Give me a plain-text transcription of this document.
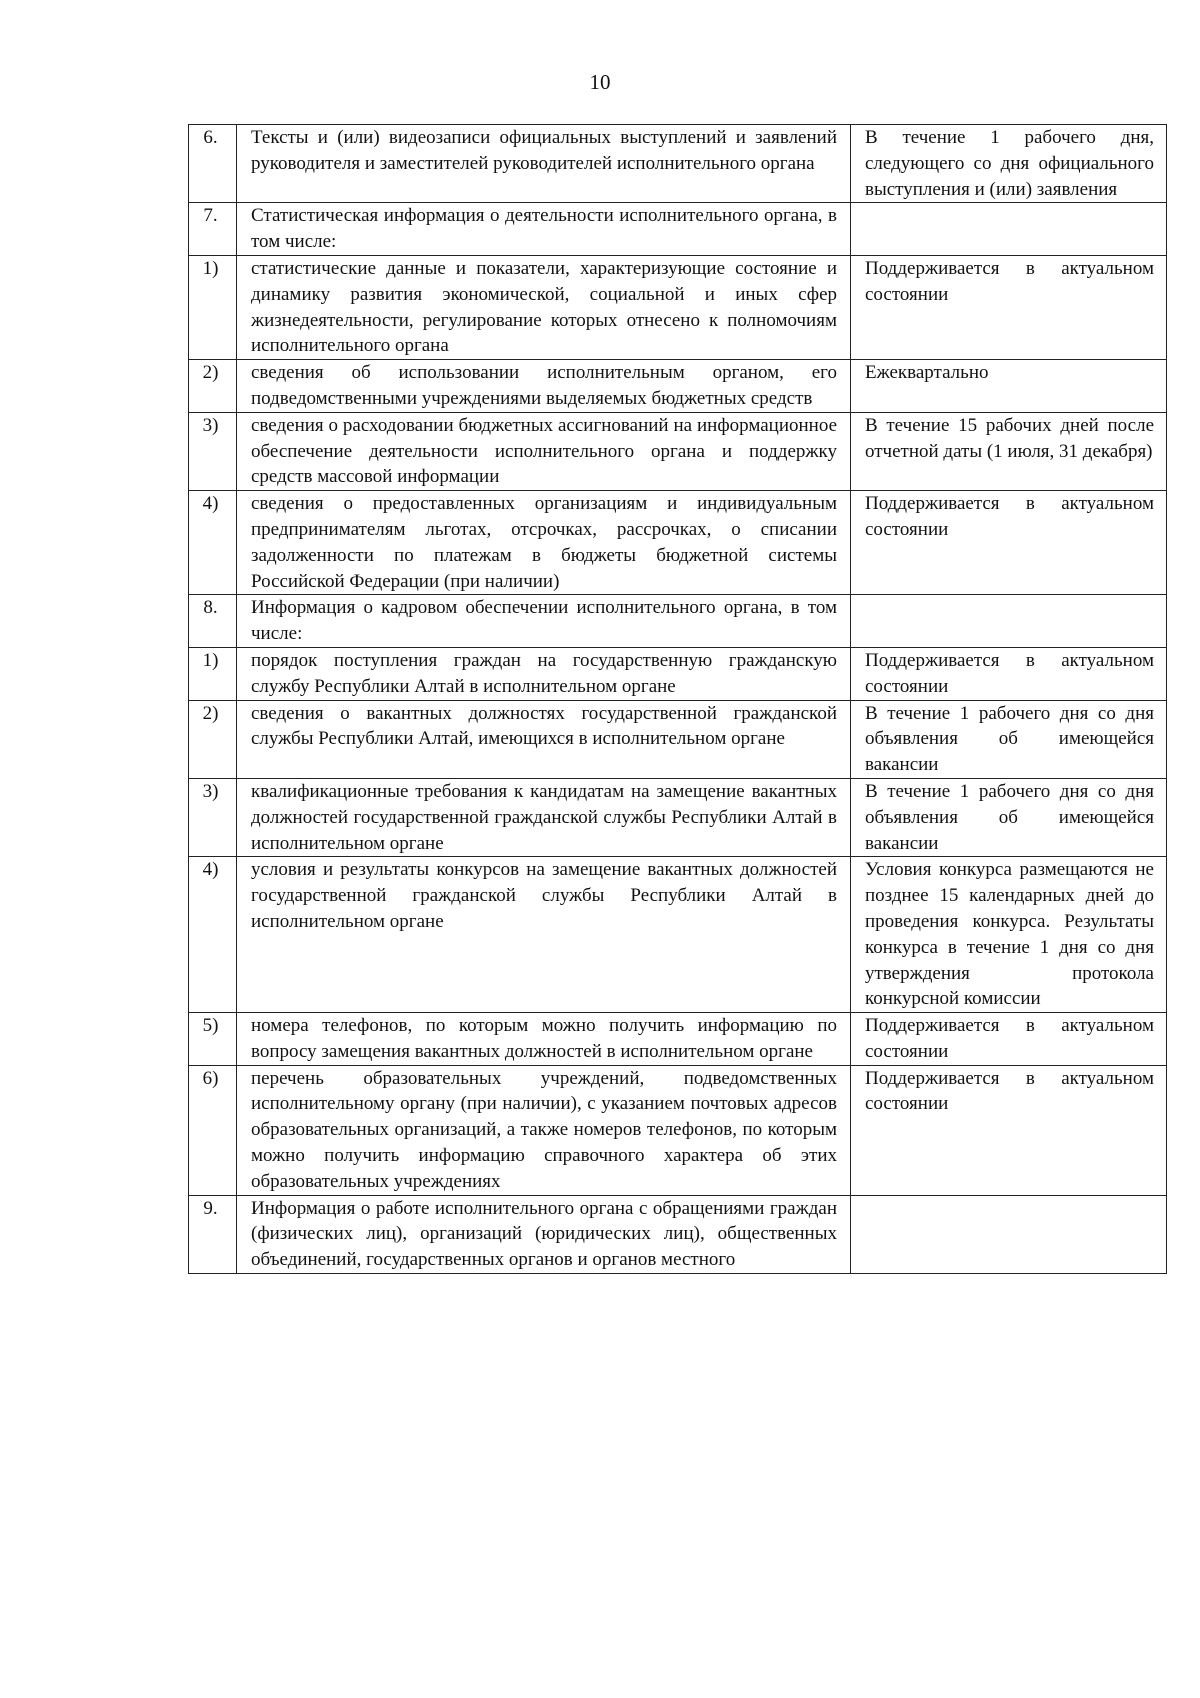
10
6.	Тексты и (или) видеозаписи официальных выступлений и заявлений руководителя и заместителей руководителей исполнительного органа	В течение 1 рабочего дня, следующего со дня официального выступления и (или) заявления
7.	Статистическая информация о деятельности исполнительного органа, в том числе:	
1)	статистические данные и показатели, характеризующие состояние и динамику развития экономической, социальной и иных сфер жизнедеятельности, регулирование которых отнесено к полномочиям исполнительного органа	Поддерживается в актуальном состоянии
2)	сведения об использовании исполнительным органом, его подведомственными учреждениями выделяемых бюджетных средств	Ежеквартально
3)	сведения о расходовании бюджетных ассигнований на информационное обеспечение деятельности исполнительного органа и поддержку средств массовой информации	В течение 15 рабочих дней после отчетной даты (1 июля, 31 декабря)
4)	сведения о предоставленных организациям и индивидуальным предпринимателям льготах, отсрочках, рассрочках, о списании задолженности по платежам в бюджеты бюджетной системы Российской Федерации (при наличии)	Поддерживается в актуальном состоянии
8.	Информация о кадровом обеспечении исполнительного органа, в том числе:	
1)	порядок поступления граждан на государственную гражданскую службу Республики Алтай в исполнительном органе	Поддерживается в актуальном состоянии
2)	сведения о вакантных должностях государственной гражданской службы Республики Алтай, имеющихся в исполнительном органе	В течение 1 рабочего дня со дня объявления об имеющейся вакансии
3)	квалификационные требования к кандидатам на замещение вакантных должностей государственной гражданской службы Республики Алтай в исполнительном органе	В течение 1 рабочего дня со дня объявления об имеющейся вакансии
4)	условия и результаты конкурсов на замещение вакантных должностей государственной гражданской службы Республики Алтай в исполнительном органе	Условия конкурса размещаются не позднее 15 календарных дней до проведения конкурса. Результаты конкурса в течение 1 дня со дня утверждения протокола конкурсной комиссии
5)	номера телефонов, по которым можно получить информацию по вопросу замещения вакантных должностей в исполнительном органе	Поддерживается в актуальном состоянии
6)	перечень образовательных учреждений, подведомственных исполнительному органу (при наличии), с указанием почтовых адресов образовательных организаций, а также номеров телефонов, по которым можно получить информацию справочного характера об этих образовательных учреждениях	Поддерживается в актуальном состоянии
9.	Информация о работе исполнительного органа с обращениями граждан (физических лиц), организаций (юридических лиц), общественных объединений, государственных органов и органов местного	
